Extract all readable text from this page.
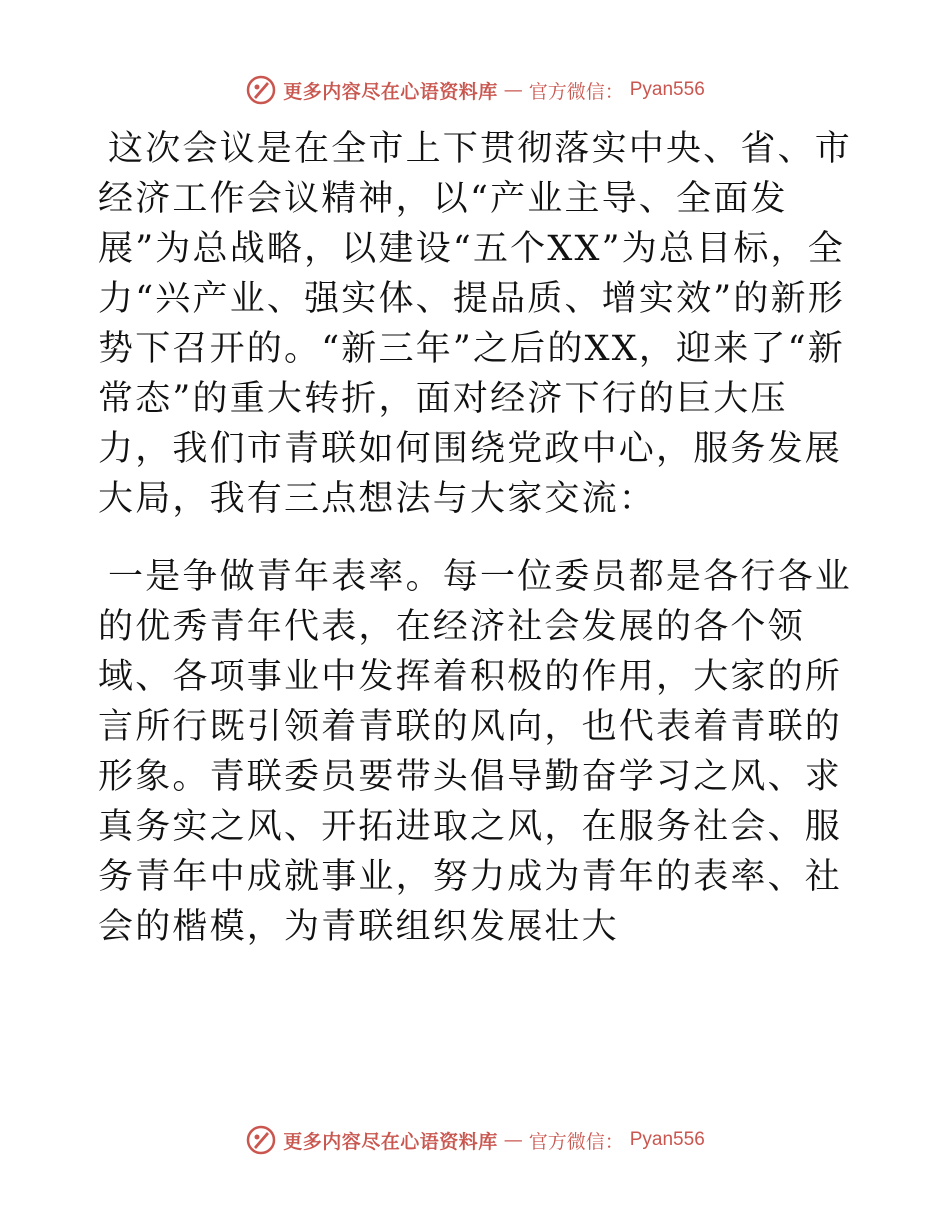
更多内容尽在心语资料库 — 官方微信： Pyan556

这次会议是在全市上下贯彻落实中央、省、市经济工作会议精神，以“产业主导、全面发展”为总战略，以建设“五个XX”为总目标，全力“兴产业、强实体、提品质、增实效”的新形势下召开的。“新三年”之后的XX，迎来了“新常态”的重大转折，面对经济下行的巨大压力，我们市青联如何围绕党政中心，服务发展大局，我有三点想法与大家交流：

一是争做青年表率。每一位委员都是各行各业的优秀青年代表，在经济社会发展的各个领域、各项事业中发挥着积极的作用，大家的所言所行既引领着青联的风向，也代表着青联的形象。青联委员要带头倡导勤奋学习之风、求真务实之风、开拓进取之风，在服务社会、服务青年中成就事业，努力成为青年的表率、社会的楷模，为青联组织发展壮大

更多内容尽在心语资料库 — 官方微信： Pyan556
